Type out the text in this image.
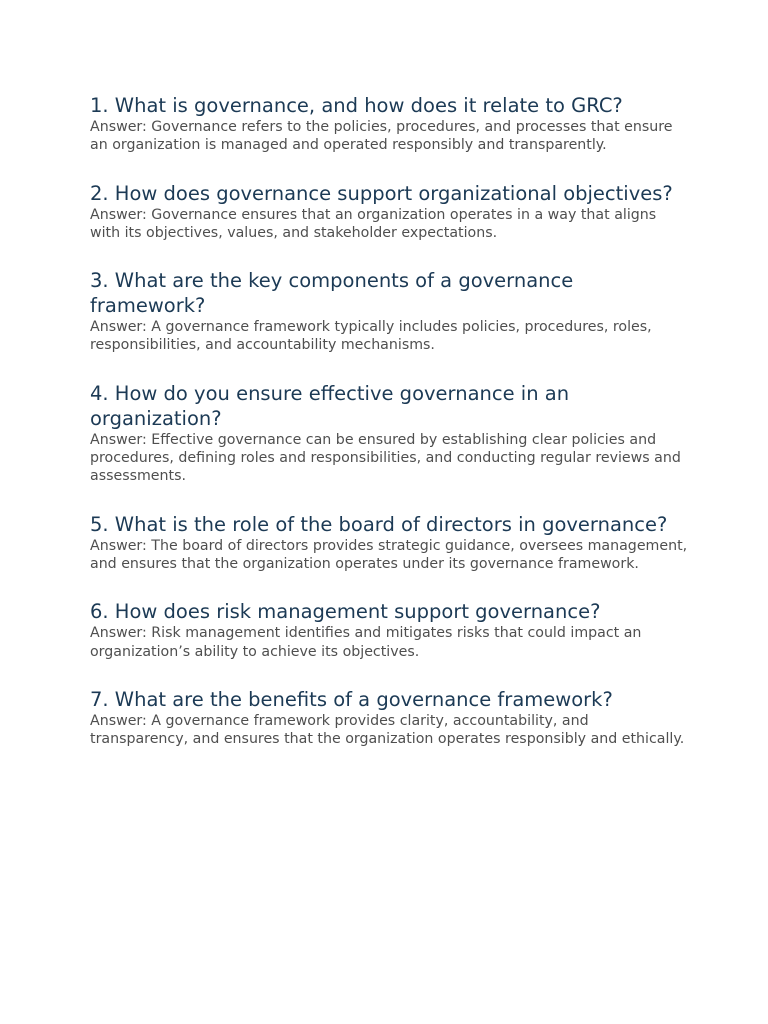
1. What is governance, and how does it relate to GRC?

Answer: Governance refers to the policies, procedures, and processes that ensure an organization is managed and operated responsibly and transparently.

2. How does governance support organizational objectives?

Answer: Governance ensures that an organization operates in a way that aligns with its objectives, values, and stakeholder expectations.

3. What are the key components of a governance framework?

Answer: A governance framework typically includes policies, procedures, roles, responsibilities, and accountability mechanisms.

4. How do you ensure effective governance in an organization?

Answer: Effective governance can be ensured by establishing clear policies and procedures, defining roles and responsibilities, and conducting regular reviews and assessments.

5. What is the role of the board of directors in governance?

Answer: The board of directors provides strategic guidance, oversees management, and ensures that the organization operates under its governance framework.

6. How does risk management support governance?

Answer: Risk management identifies and mitigates risks that could impact an organization’s ability to achieve its objectives.

7. What are the benefits of a governance framework?

Answer: A governance framework provides clarity, accountability, and transparency, and ensures that the organization operates responsibly and ethically.
